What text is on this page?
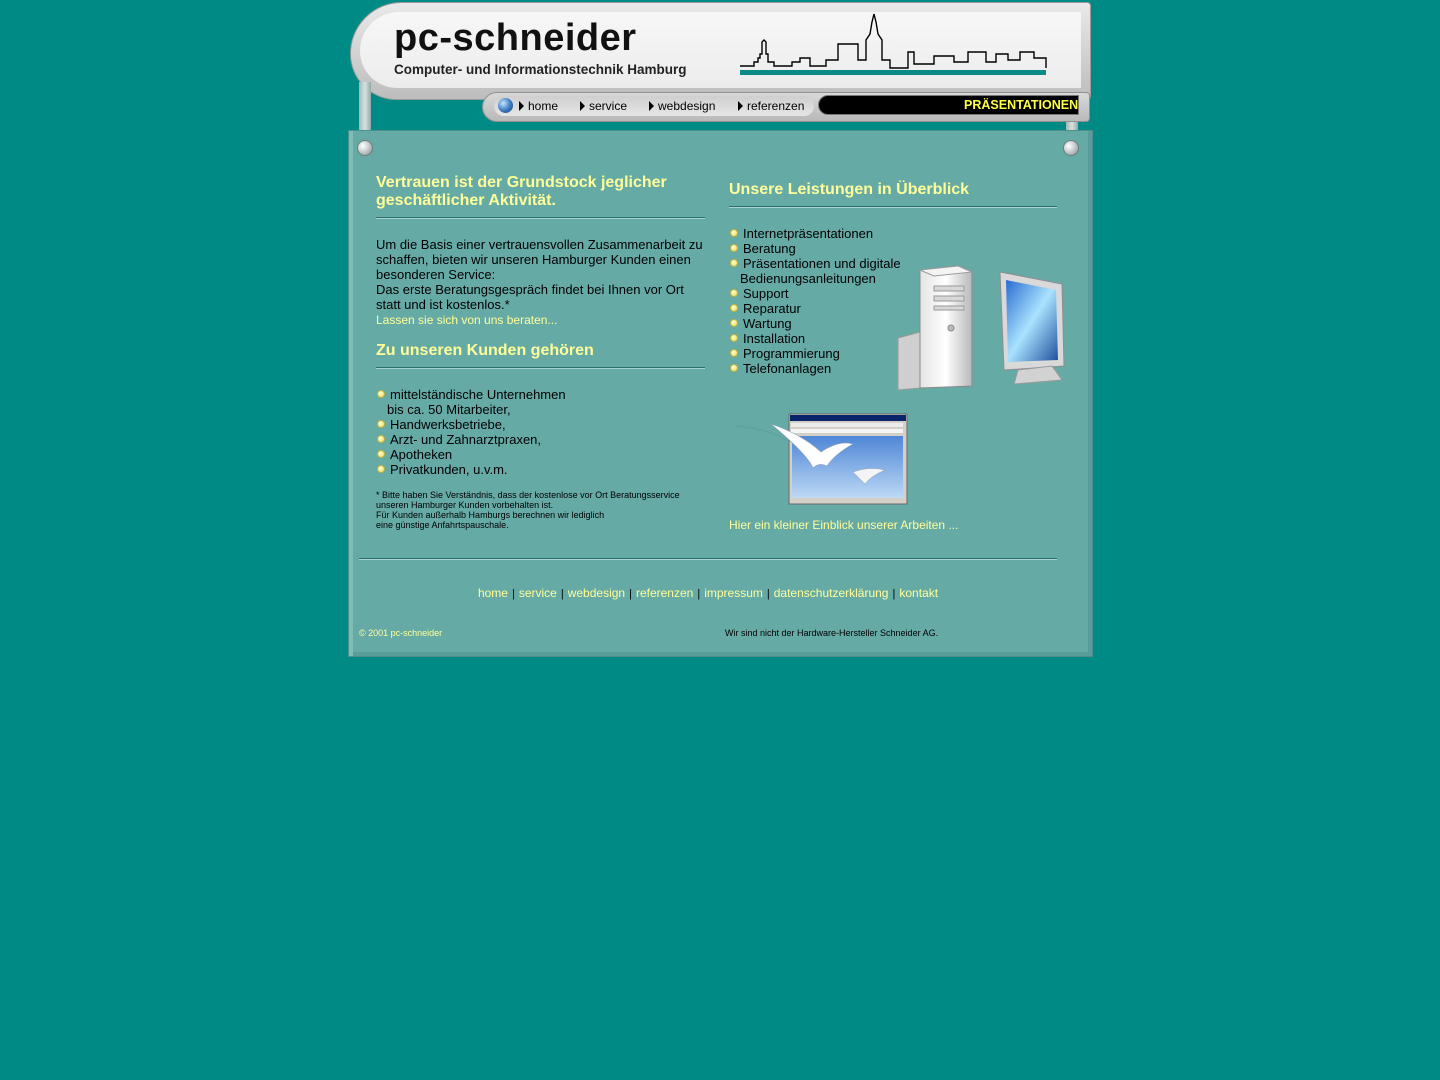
pc-schneider
Computer- und Informationstechnik Hamburg
home	service	webdesign	referenzen	PRÄSENTATIONEN
Vertrauen ist der Grundstock jeglicher geschäftlicher Aktivität.
Um die Basis einer vertrauensvollen Zusammenarbeit zu schaffen, bieten wir unseren Hamburger Kunden einen besonderen Service:
Das erste Beratungsgespräch findet bei Ihnen vor Ort statt und ist kostenlos.*
Lassen sie sich von uns beraten...
Zu unseren Kunden gehören
mittelständische Unternehmen
bis ca. 50 Mitarbeiter,
Handwerksbetriebe,
Arzt- und Zahnarztpraxen,
Apotheken
Privatkunden, u.v.m.
* Bitte haben Sie Verständnis, dass der kostenlose vor Ort Beratungsservice
unseren Hamburger Kunden vorbehalten ist.
Für Kunden außerhalb Hamburgs berechnen wir lediglich
eine günstige Anfahrtspauschale.
Unsere Leistungen in Überblick
Internetpräsentationen
Beratung
Präsentationen und digitale
Bedienungsanleitungen
Support
Reparatur
Wartung
Installation
Programmierung
Telefonanlagen
Hier ein kleiner Einblick unserer Arbeiten ...
home | service | webdesign | referenzen | impressum | datenschutzerklärung | kontakt
© 2001 pc-schneider	Wir sind nicht der Hardware-Hersteller Schneider AG.
